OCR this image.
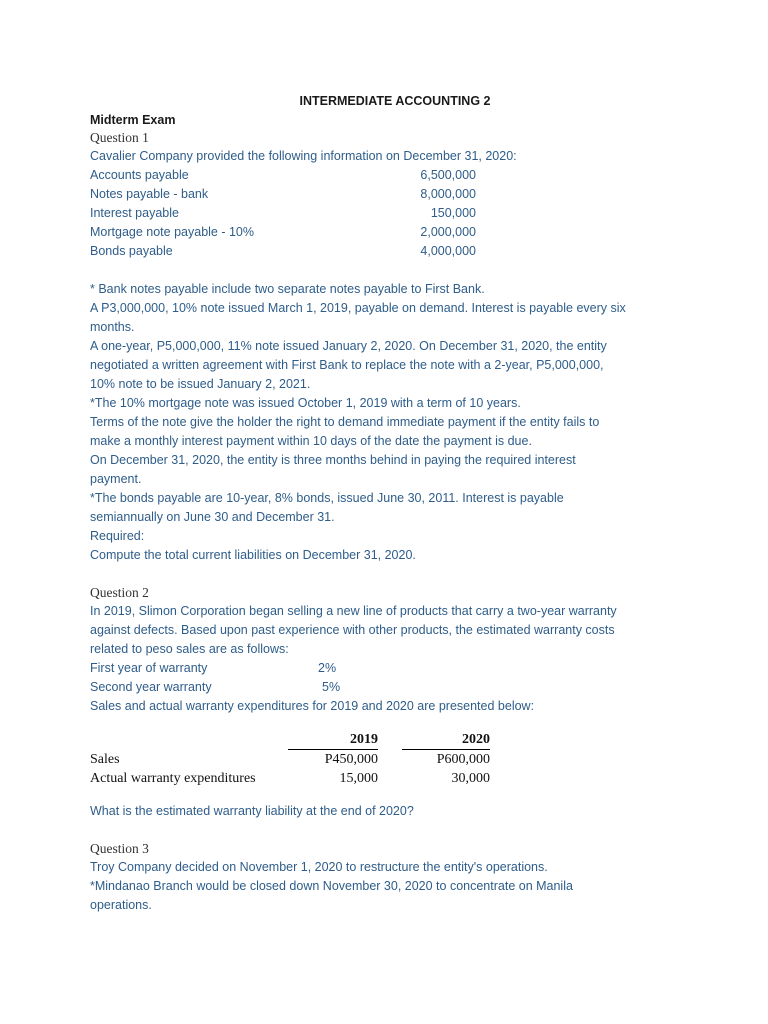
INTERMEDIATE ACCOUNTING 2
Midterm Exam
Question 1
Cavalier Company provided the following information on December 31, 2020:
Accounts payable	6,500,000
Notes payable - bank	8,000,000
Interest payable	150,000
Mortgage note payable - 10%	2,000,000
Bonds payable	4,000,000
* Bank notes payable include two separate notes payable to First Bank.
A P3,000,000, 10% note issued March 1, 2019, payable on demand. Interest is payable every six
months.
A one-year, P5,000,000, 11% note issued January 2, 2020. On December 31, 2020, the entity
negotiated a written agreement with First Bank to replace the note with a 2-year, P5,000,000,
10% note to be issued January 2, 2021.
*The 10% mortgage note was issued October 1, 2019 with a term of 10 years.
Terms of the note give the holder the right to demand immediate payment if the entity fails to
make a monthly interest payment within 10 days of the date the payment is due.
On December 31, 2020, the entity is three months behind in paying the required interest
payment.
*The bonds payable are 10-year, 8% bonds, issued June 30, 2011. Interest is payable
semiannually on June 30 and December 31.
Required:
Compute the total current liabilities on December 31, 2020.
Question 2
In 2019, Slimon Corporation began selling a new line of products that carry a two-year warranty
against defects. Based upon past experience with other products, the estimated warranty costs
related to peso sales are as follows:
First year of warranty	2%
Second year warranty	5%
Sales and actual warranty expenditures for 2019 and 2020 are presented below:
	2019		2020
Sales	P450,000		P600,000
Actual warranty expenditures	15,000		30,000
What is the estimated warranty liability at the end of 2020?
Question 3
Troy Company decided on November 1, 2020 to restructure the entity's operations.
*Mindanao Branch would be closed down November 30, 2020 to concentrate on Manila
operations.
